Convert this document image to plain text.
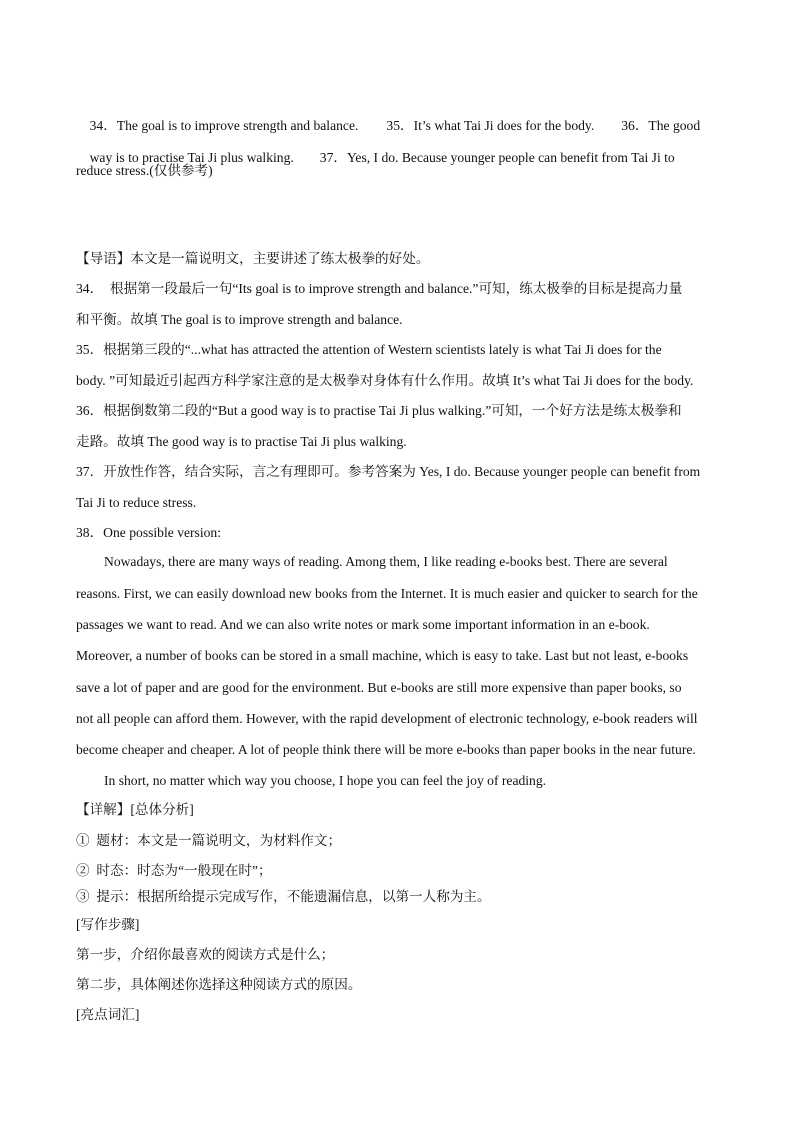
34．The goal is to improve strength and balance. 35．It’s what Tai Ji does for the body. 36．The good

way is to practise Tai Ji plus walking. 37．Yes, I do. Because younger people can benefit from Tai Ji to

reduce stress.(仅供参考)
【导语】本文是一篇说明文，主要讲述了练太极拳的好处。
34．  根据第一段最后一句“Its goal is to improve strength and balance.”可知，练太极拳的目标是提高力量
和平衡。故填 The goal is to improve strength and balance.
35．根据第三段的“...what has attracted the attention of Western scientists lately is what Tai Ji does for the
body. ”可知最近引起西方科学家注意的是太极拳对身体有什么作用。故填 It’s what Tai Ji does for the body.
36．根据倒数第二段的“But a good way is to practise Tai Ji plus walking.”可知，一个好方法是练太极拳和
走路。故填 The good way is to practise Tai Ji plus walking.
37．开放性作答，结合实际，言之有理即可。参考答案为 Yes, I do. Because younger people can benefit from
Tai Ji to reduce stress.
38．One possible version:
Nowadays, there are many ways of reading. Among them, I like reading e-books best. There are several
reasons. First, we can easily download new books from the Internet. It is much easier and quicker to search for the
passages we want to read. And we can also write notes or mark some important information in an e-book.
Moreover, a number of books can be stored in a small machine, which is easy to take. Last but not least, e-books
save a lot of paper and are good for the environment. But e-books are still more expensive than paper books, so
not all people can afford them. However, with the rapid development of electronic technology, e-book readers will
become cheaper and cheaper. A lot of people think there will be more e-books than paper books in the near future.
In short, no matter which way you choose, I hope you can feel the joy of reading.
【详解】[总体分析]
①  题材：本文是一篇说明文，为材料作文；
②  时态：时态为“一般现在时”；
③  提示：根据所给提示完成写作，不能遗漏信息，以第一人称为主。
[写作步骤]
第一步，介绍你最喜欢的阅读方式是什么；
第二步，具体阐述你选择这种阅读方式的原因。
[亮点词汇]
